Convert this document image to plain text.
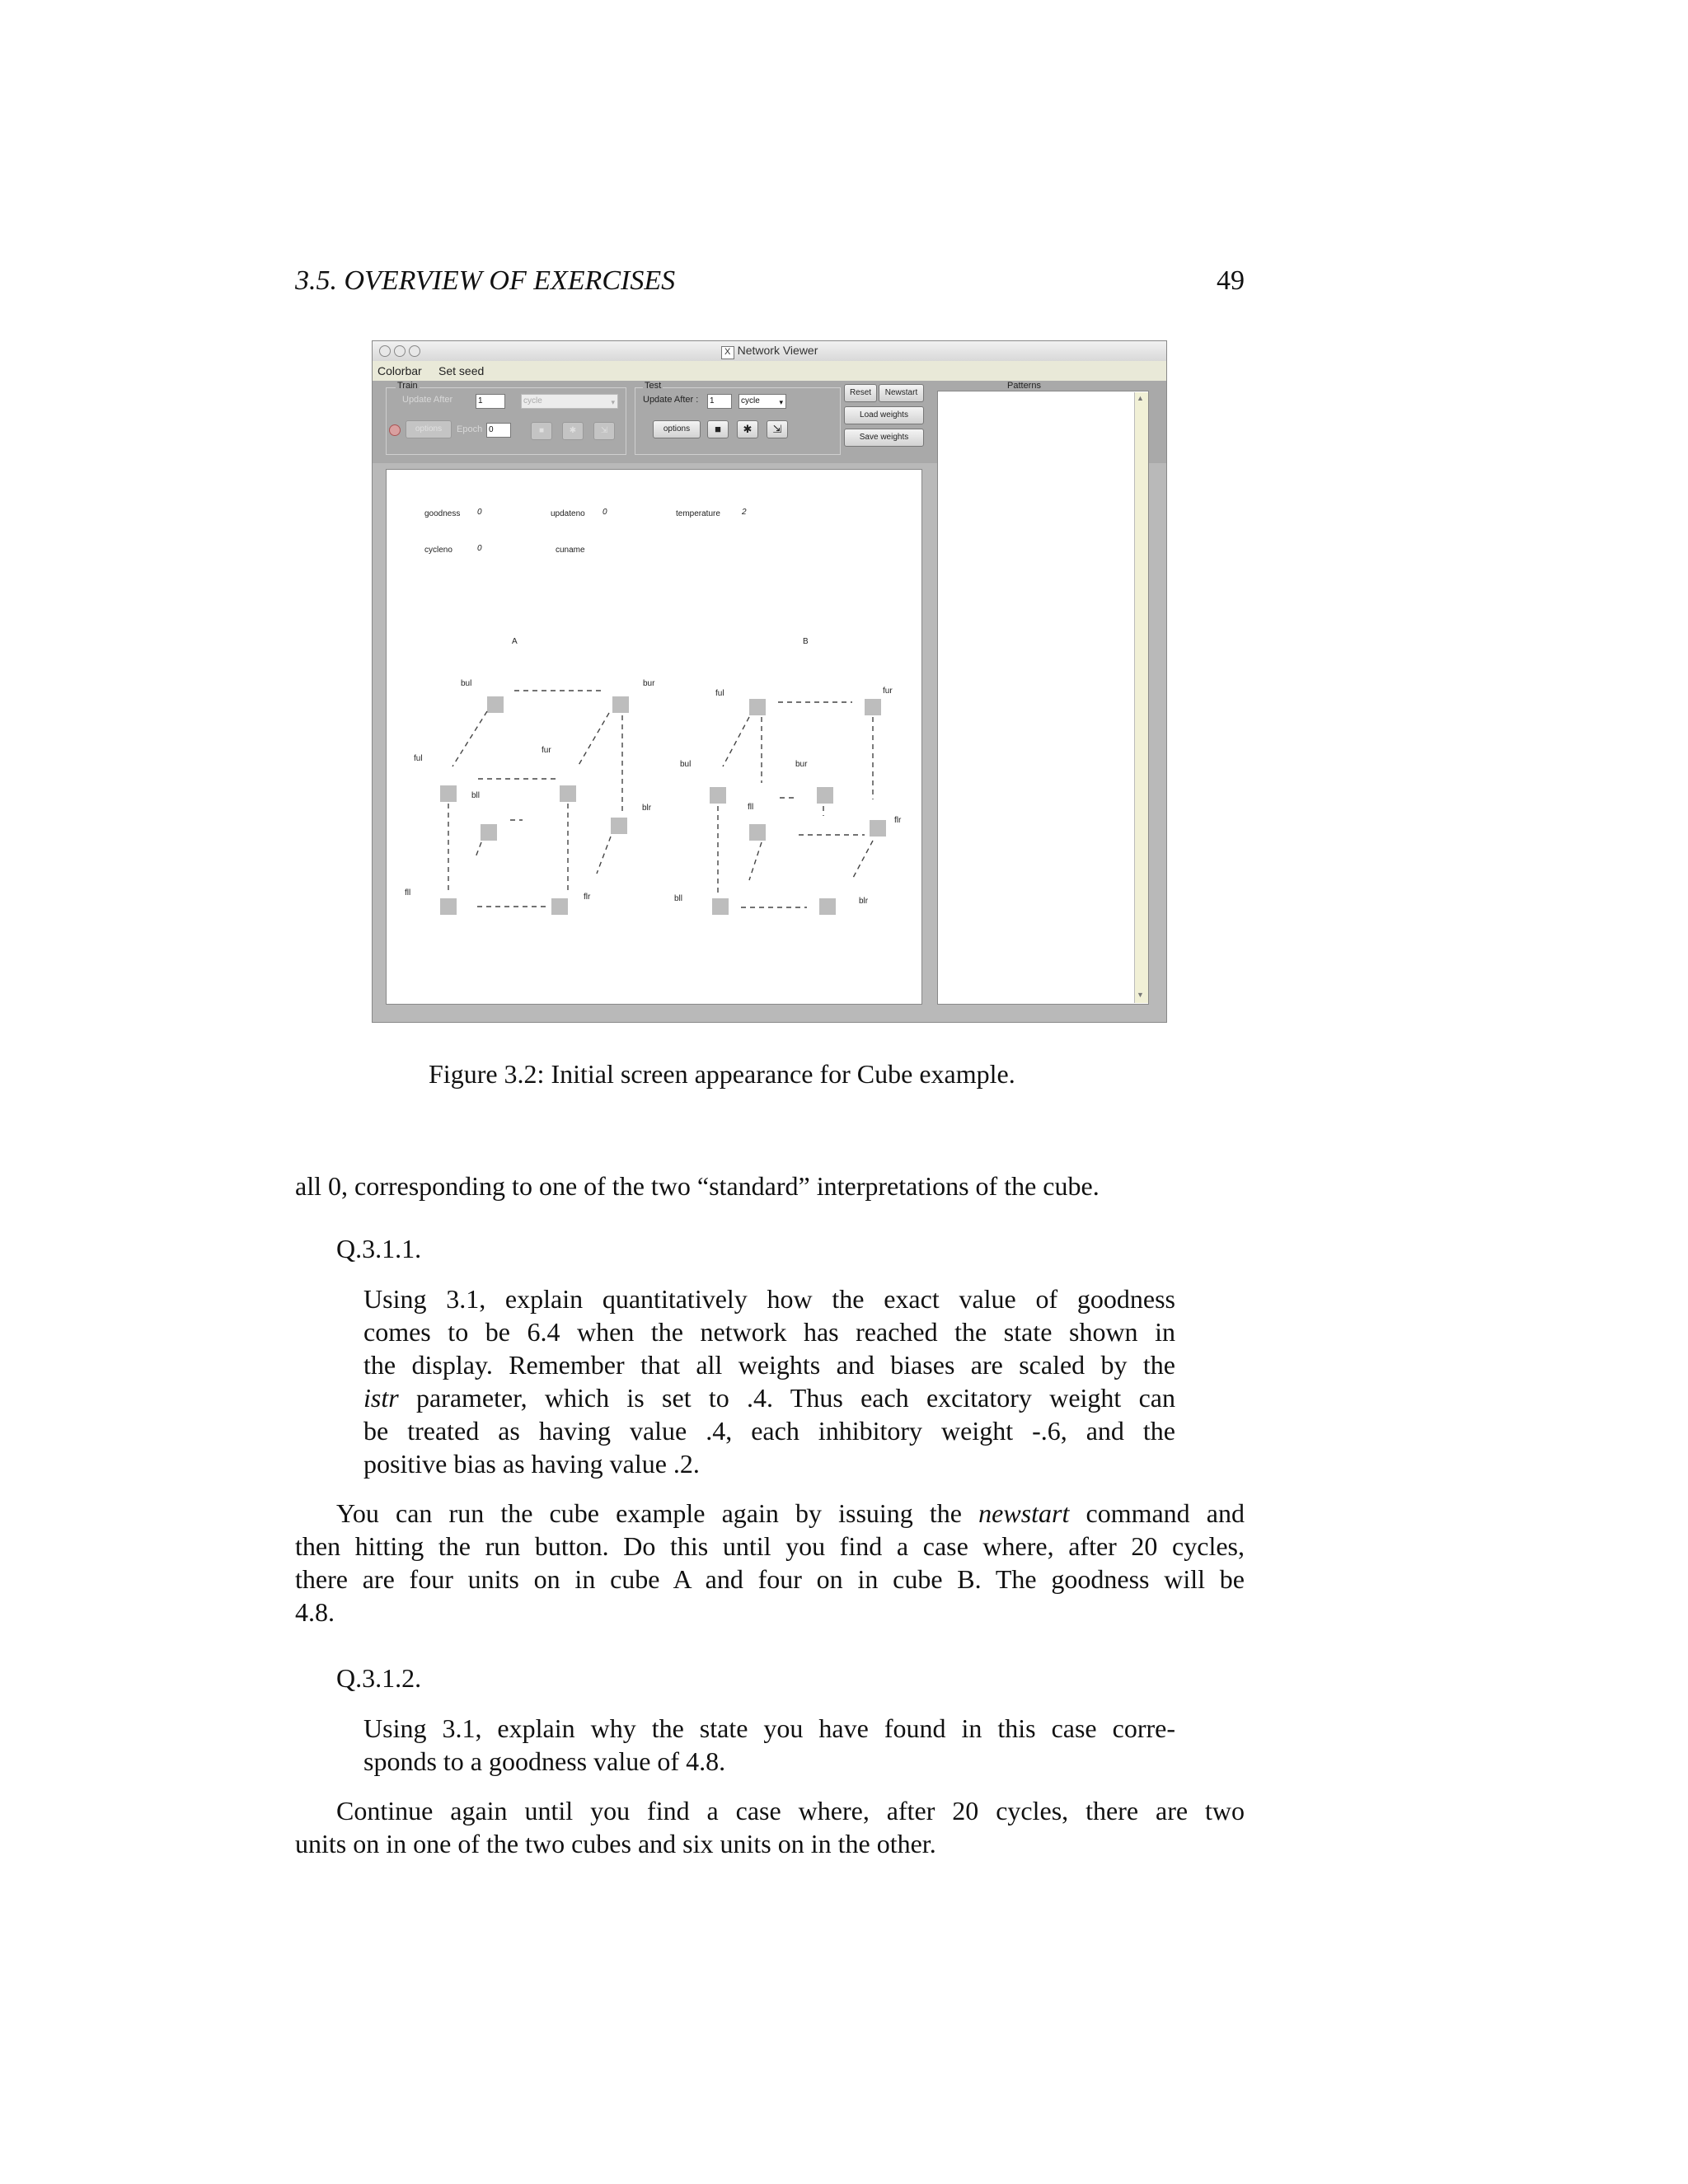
3.5. OVERVIEW OF EXERCISES	49
X Network Viewer
Colorbar Set seed
Train
Update After	1	cycle	▾
options	Epoch 0	■	✱	⇲
Test
Update After :	1	cycle	▾
options	■	✱	⇲
Reset	Newstart
Load weights
Save weights
Patterns
▲
▼
goodness 0	updateno 0	temperature	2
cycleno	0	cuname
A
bul	bur
ful
fur
bll
blr
fll	flr
B
ful	fur
bul	bur
fll
flr
bll	blr
Figure 3.2: Initial screen appearance for Cube example.
all 0, corresponding to one of the two “standard” interpretations of the cube.
Q.3.1.1.
Using 3.1, explain quantitatively how the exact value of goodness
comes to be 6.4 when the network has reached the state shown in
the display. Remember that all weights and biases are scaled by the
istr parameter, which is set to .4. Thus each excitatory weight can
be treated as having value .4, each inhibitory weight -.6, and the
positive bias as having value .2.
You can run the cube example again by issuing the newstart command and
then hitting the run button. Do this until you find a case where, after 20 cycles,
there are four units on in cube A and four on in cube B. The goodness will be
4.8.
Q.3.1.2.
Using 3.1, explain why the state you have found in this case corre-
sponds to a goodness value of 4.8.
Continue again until you find a case where, after 20 cycles, there are two
units on in one of the two cubes and six units on in the other.
